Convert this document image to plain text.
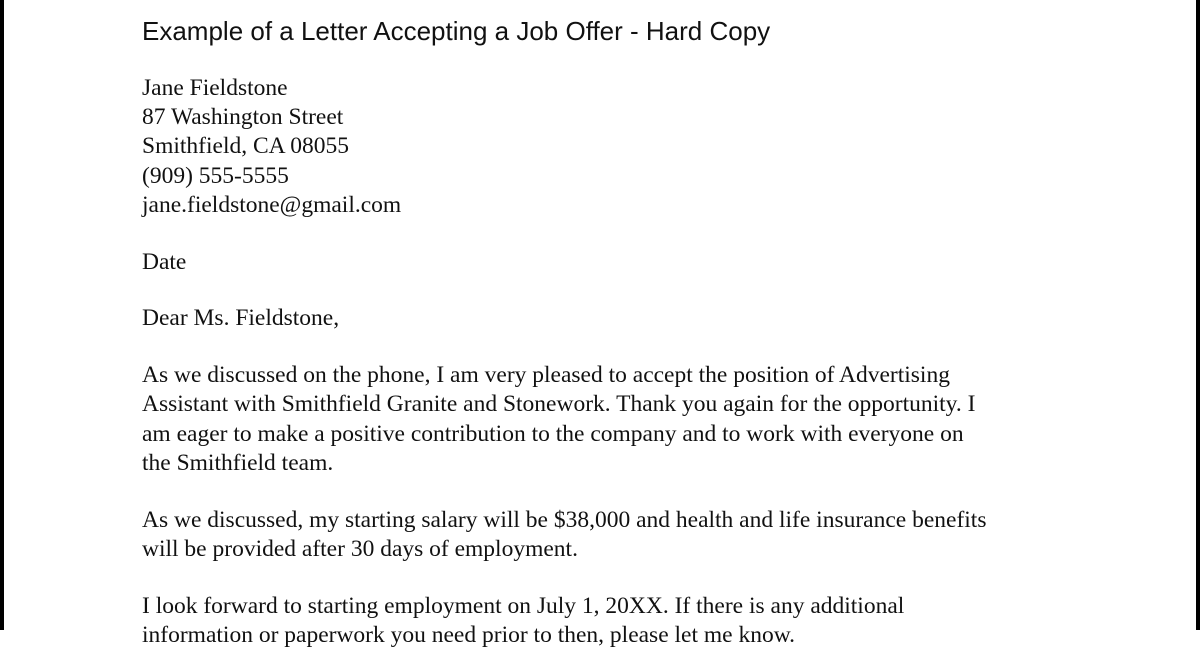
Example of a Letter Accepting a Job Offer - Hard Copy
Jane Fieldstone
87 Washington Street
Smithfield, CA 08055
(909) 555-5555
jane.fieldstone@gmail.com
Date
Dear Ms. Fieldstone,
As we discussed on the phone, I am very pleased to accept the position of Advertising
Assistant with Smithfield Granite and Stonework. Thank you again for the opportunity. I
am eager to make a positive contribution to the company and to work with everyone on
the Smithfield team.
As we discussed, my starting salary will be $38,000 and health and life insurance benefits
will be provided after 30 days of employment.
I look forward to starting employment on July 1, 20XX. If there is any additional
information or paperwork you need prior to then, please let me know.
